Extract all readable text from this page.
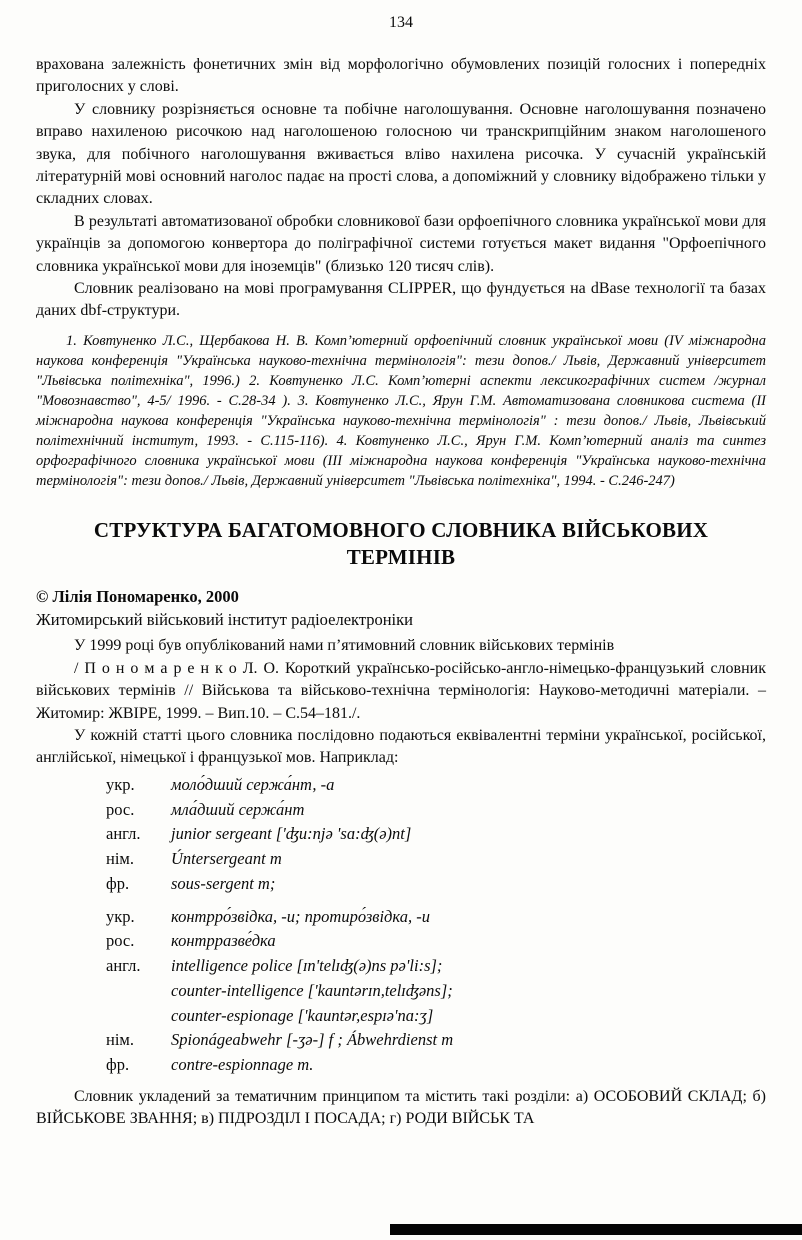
134

врахована залежність фонетичних змін від морфологічно обумовлених позицій голосних і попередніх приголосних у слові.

У словнику розрізняється основне та побічне наголошування. Основне наголошування позначено вправо нахиленою рисочкою над наголошеною голосною чи транскрипційним знаком наголошеного звука, для побічного наголошування вживається вліво нахилена рисочка. У сучасній українській літературній мові основний наголос падає на прості слова, а допоміжний у словнику відображено тільки у складних словах.

В результаті автоматизованої обробки словникової бази орфоепічного словника української мови для українців за допомогою конвертора до поліграфічної системи готується макет видання "Орфоепічного словника української мови для іноземців" (близько 120 тисяч слів).

Словник реалізовано на мові програмування CLIPPER, що фундується на dBase технології та базах даних dbf-структури.

1. Ковтуненко Л.С., Щербакова Н. В. Комп’ютерний орфоепічний словник української мови (IV міжнародна наукова конференція "Українська науково-технічна термінологія": тези допов./ Львів, Державний університет "Львівська політехніка", 1996.) 2. Ковтуненко Л.С. Комп’ютерні аспекти лексикографічних систем /журнал "Мовознавство", 4-5/ 1996. - С.28-34 ). 3. Ковтуненко Л.С., Ярун Г.М. Автоматизована словникова система (ІІ міжнародна наукова конференція "Українська науково-технічна термінологія" : тези допов./ Львів, Львівський політехнічний інститут, 1993. - С.115-116). 4. Ковтуненко Л.С., Ярун Г.М. Комп’ютерний аналіз та синтез орфографічного словника української мови (ІІІ міжнародна наукова конференція "Українська науково-технічна термінологія": тези допов./ Львів, Державний університет "Львівська політехніка", 1994. - С.246-247)

СТРУКТУРА БАГАТОМОВНОГО СЛОВНИКА ВІЙСЬКОВИХ ТЕРМІНІВ

© Лілія Пономаренко, 2000

Житомирський військовий інститут радіоелектроніки

У 1999 році був опублікований нами п’ятимовний словник військових термінів

/ П о н о м а р е н к о Л. О. Короткий українсько-російсько-англо-німецько-французький словник військових термінів // Військова та військово-технічна термінологія: Науково-методичні матеріали. – Житомир: ЖВІРЕ, 1999. – Вип.10. – С.54–181./.

У кожній статті цього словника послідовно подаються еквівалентні терміни української, російської, англійської, німецької і французької мов. Наприклад:

укр.	моло́дший сержа́нт, -а
рос.	мла́дший сержа́нт
англ.	junior sergeant ['ʤu:njə 'sɑ:ʤ(ə)nt]
нім.	Úntersergeant m
фр.	sous-sergent m;
укр.	контрро́звідка, -и; протиро́звідка, -и
рос.	контрразве́дка
англ.	intelligence police [ɪn'telɪʤ(ə)ns pə'li:s];
counter-intelligence ['kauntərɪn,telɪʤəns];
counter-espionage ['kauntər,espɪə'nɑ:ʒ]
нім.	Spionágeabwehr [-ʒə-] f ; Ábwehrdienst m
фр.	contre-espionnage m.

Словник укладений за тематичним принципом та містить такі розділи: а) ОСОБОВИЙ СКЛАД; б) ВІЙСЬКОВЕ ЗВАННЯ; в) ПІДРОЗДІЛ І ПОСАДА; г) РОДИ ВІЙСЬК ТА
